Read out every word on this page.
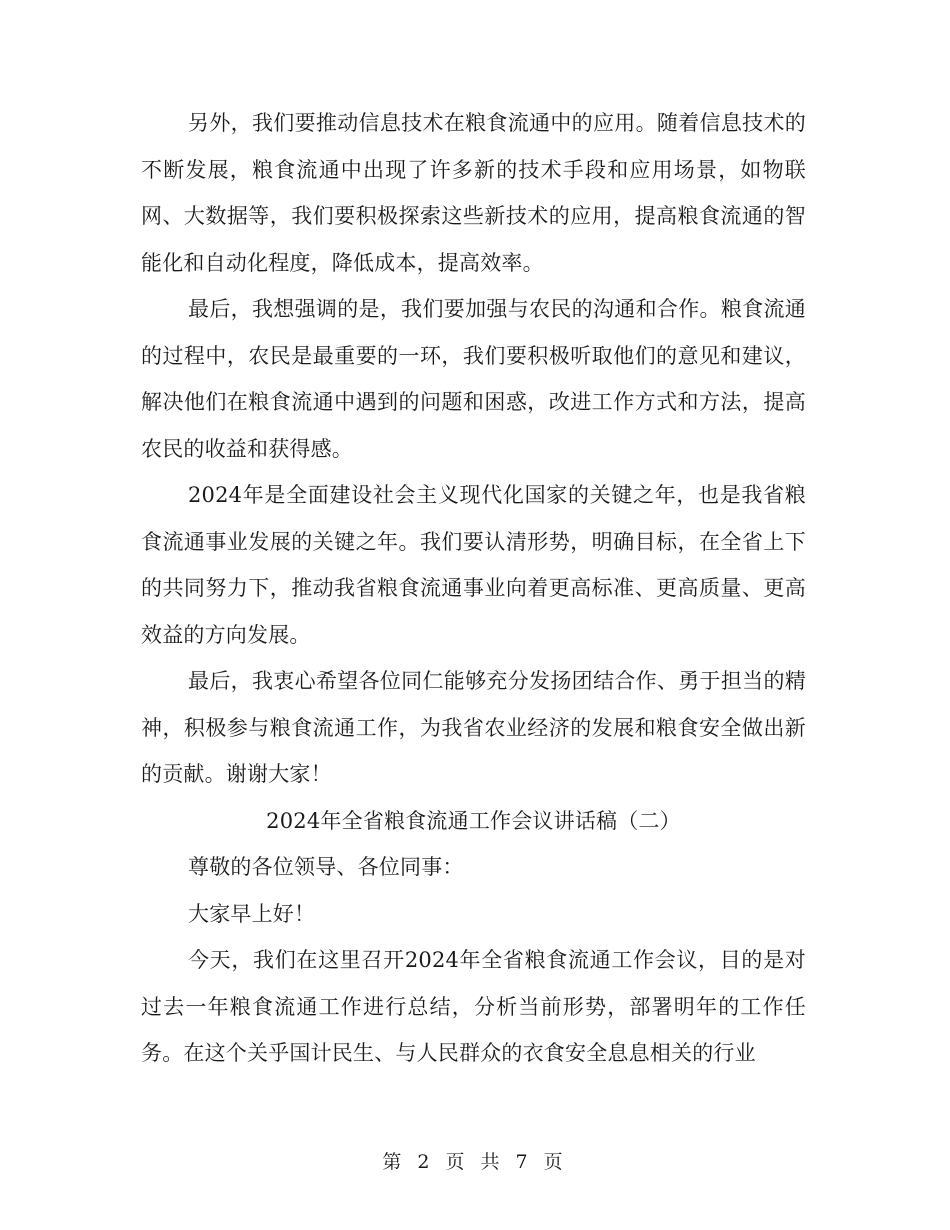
另外，我们要推动信息技术在粮食流通中的应用。随着信息技术的不断发展，粮食流通中出现了许多新的技术手段和应用场景，如物联网、大数据等，我们要积极探索这些新技术的应用，提高粮食流通的智能化和自动化程度，降低成本，提高效率。

最后，我想强调的是，我们要加强与农民的沟通和合作。粮食流通的过程中，农民是最重要的一环，我们要积极听取他们的意见和建议，解决他们在粮食流通中遇到的问题和困惑，改进工作方式和方法，提高农民的收益和获得感。

2024年是全面建设社会主义现代化国家的关键之年，也是我省粮食流通事业发展的关键之年。我们要认清形势，明确目标，在全省上下的共同努力下，推动我省粮食流通事业向着更高标准、更高质量、更高效益的方向发展。

最后，我衷心希望各位同仁能够充分发扬团结合作、勇于担当的精神，积极参与粮食流通工作，为我省农业经济的发展和粮食安全做出新的贡献。谢谢大家！

2024年全省粮食流通工作会议讲话稿（二）

尊敬的各位领导、各位同事：

大家早上好！

今天，我们在这里召开2024年全省粮食流通工作会议，目的是对过去一年粮食流通工作进行总结，分析当前形势，部署明年的工作任务。在这个关乎国计民生、与人民群众的衣食安全息息相关的行业

第 2 页 共 7 页
